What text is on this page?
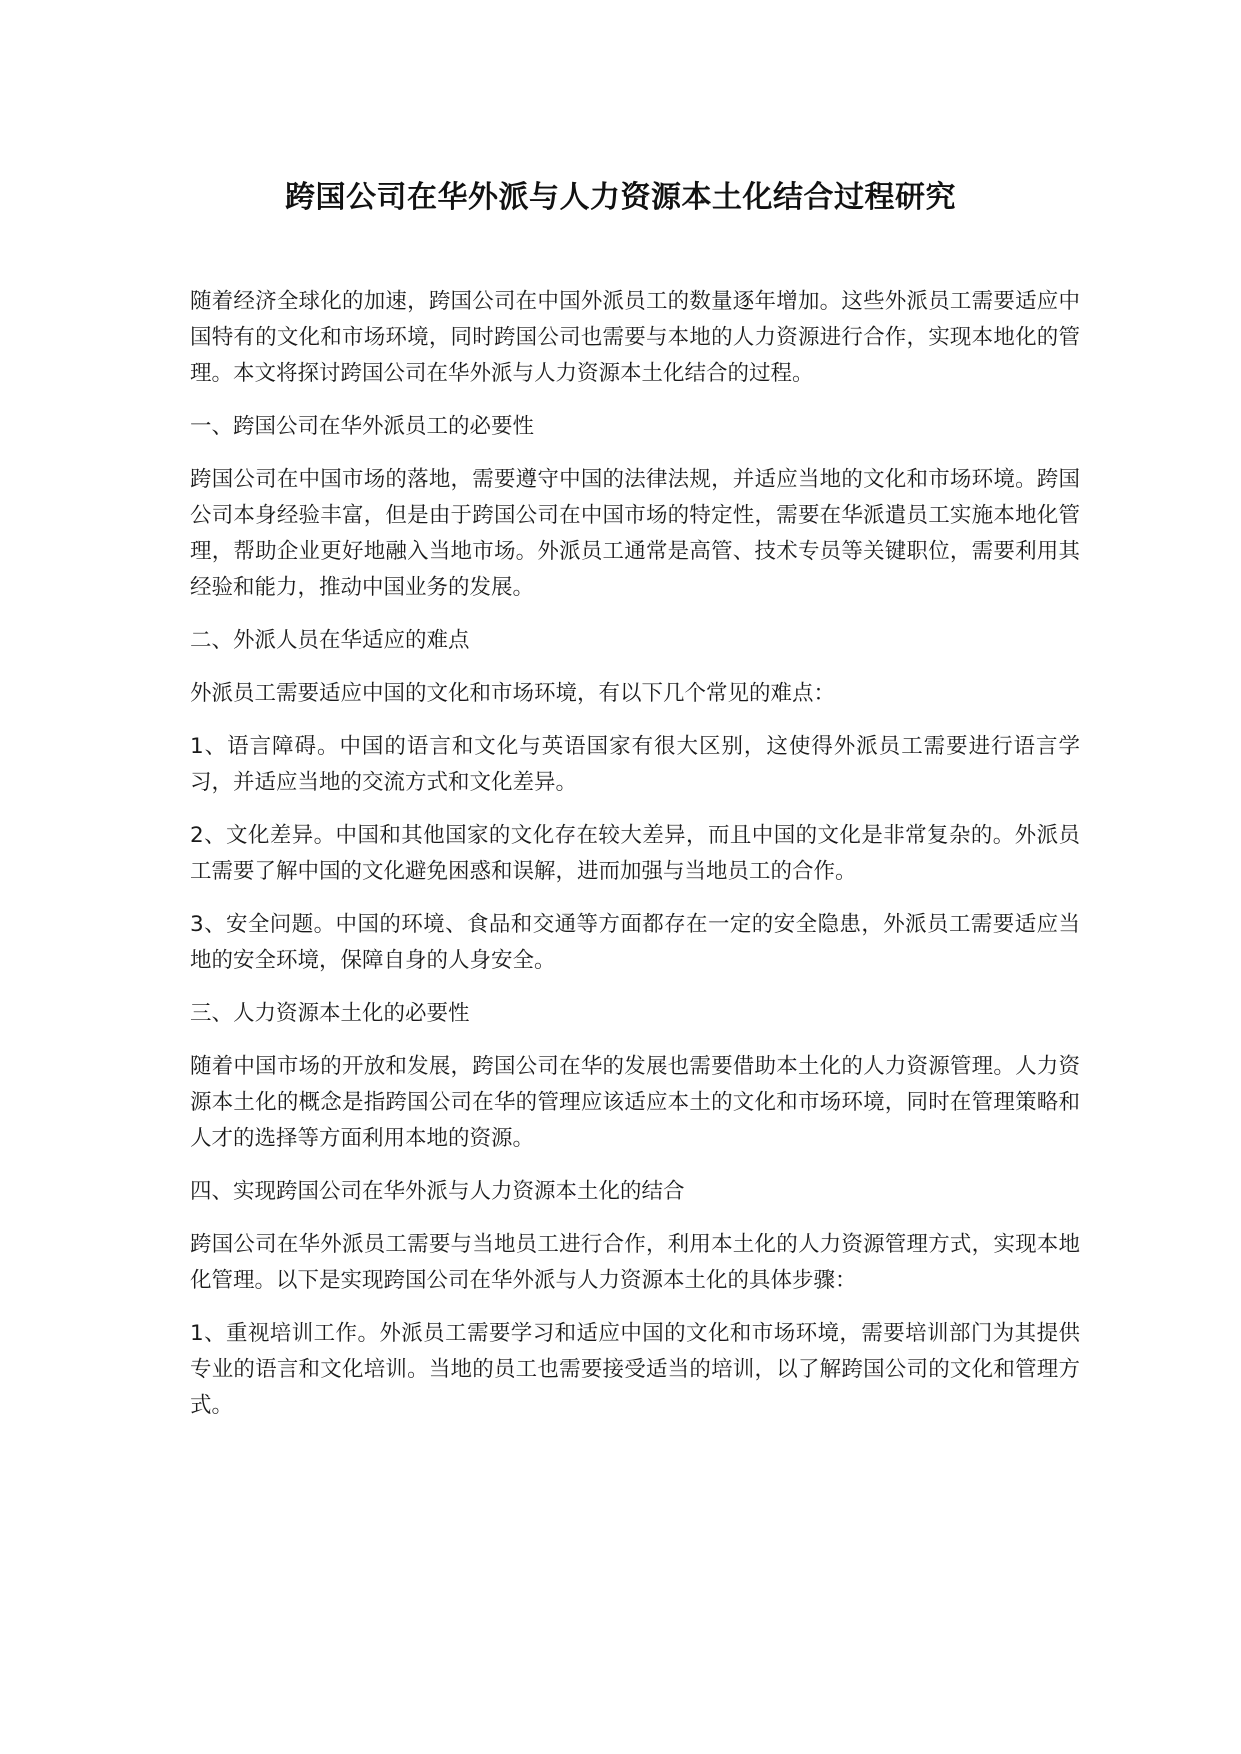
跨国公司在华外派与人力资源本土化结合过程研究

随着经济全球化的加速，跨国公司在中国外派员工的数量逐年增加。这些外派员工需要适应中国特有的文化和市场环境，同时跨国公司也需要与本地的人力资源进行合作，实现本地化的管理。本文将探讨跨国公司在华外派与人力资源本土化结合的过程。

一、跨国公司在华外派员工的必要性

跨国公司在中国市场的落地，需要遵守中国的法律法规，并适应当地的文化和市场环境。跨国公司本身经验丰富，但是由于跨国公司在中国市场的特定性，需要在华派遣员工实施本地化管理，帮助企业更好地融入当地市场。外派员工通常是高管、技术专员等关键职位，需要利用其经验和能力，推动中国业务的发展。

二、外派人员在华适应的难点

外派员工需要适应中国的文化和市场环境，有以下几个常见的难点：

1、语言障碍。中国的语言和文化与英语国家有很大区别，这使得外派员工需要进行语言学习，并适应当地的交流方式和文化差异。

2、文化差异。中国和其他国家的文化存在较大差异，而且中国的文化是非常复杂的。外派员工需要了解中国的文化避免困惑和误解，进而加强与当地员工的合作。

3、安全问题。中国的环境、食品和交通等方面都存在一定的安全隐患，外派员工需要适应当地的安全环境，保障自身的人身安全。

三、人力资源本土化的必要性

随着中国市场的开放和发展，跨国公司在华的发展也需要借助本土化的人力资源管理。人力资源本土化的概念是指跨国公司在华的管理应该适应本土的文化和市场环境，同时在管理策略和人才的选择等方面利用本地的资源。

四、实现跨国公司在华外派与人力资源本土化的结合

跨国公司在华外派员工需要与当地员工进行合作，利用本土化的人力资源管理方式，实现本地化管理。以下是实现跨国公司在华外派与人力资源本土化的具体步骤：

1、重视培训工作。外派员工需要学习和适应中国的文化和市场环境，需要培训部门为其提供专业的语言和文化培训。当地的员工也需要接受适当的培训，以了解跨国公司的文化和管理方式。
